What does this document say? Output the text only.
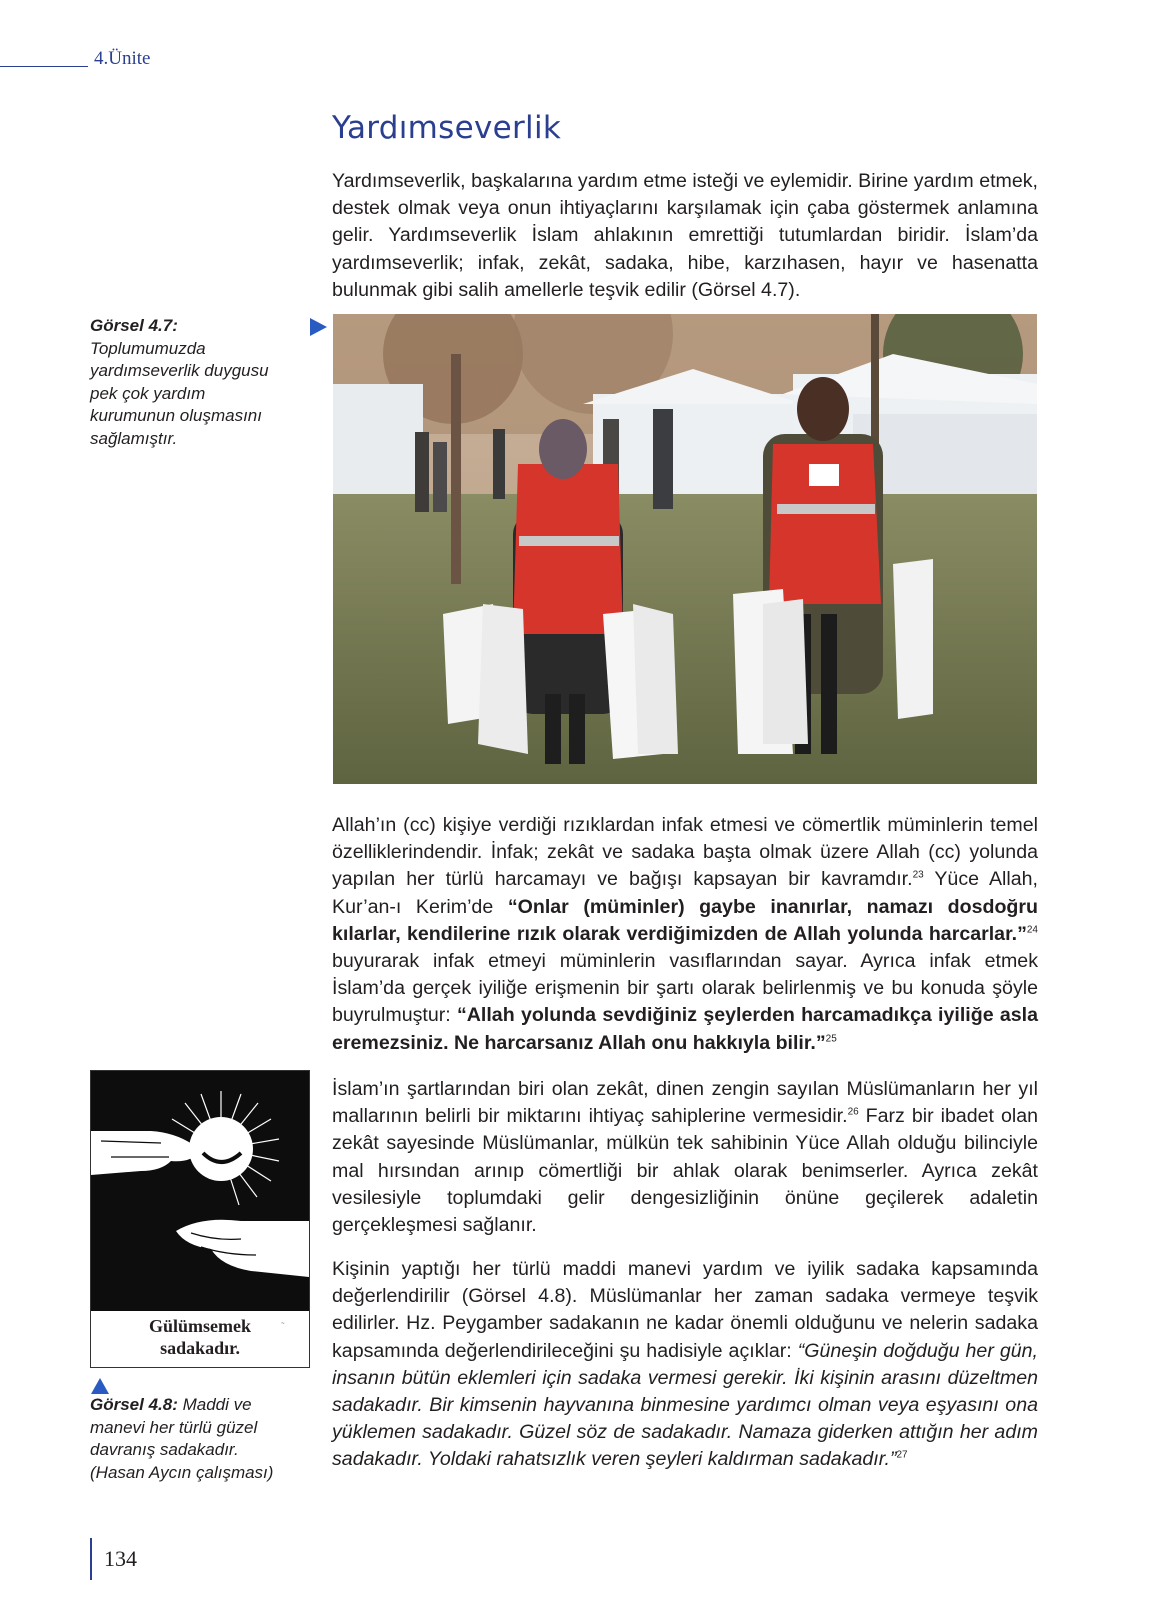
4.Ünite
Yardımseverlik

Yardımseverlik, başkalarına yardım etme isteği ve eylemidir. Birine yardım etmek, destek olmak veya onun ihtiyaçlarını karşılamak için çaba göstermek anlamına gelir. Yardımseverlik İslam ahlakının emrettiği tutumlardan biridir. İslam’da yardımseverlik; infak, zekât, sadaka, hibe, karzıhasen, hayır ve hasenatta bulunmak gibi salih amellerle teşvik edilir (Görsel 4.7).

Görsel 4.7:
Toplumumuzda yardımseverlik duygusu pek çok yardım kurumunun oluşmasını sağlamıştır.

Allah’ın (cc) kişiye verdiği rızıklardan infak etmesi ve cömertlik müminlerin temel özelliklerindendir. İnfak; zekât ve sadaka başta olmak üzere Allah (cc) yolunda yapılan her türlü harcamayı ve bağışı kapsayan bir kavramdır.$^{23}$ Yüce Allah, Kur’an-ı Kerim’de “Onlar (müminler) gaybe inanırlar, namazı dosdoğru kılarlar, kendilerine rızık olarak verdiğimizden de Allah yolunda harcarlar.”$^{24}$ buyurarak infak etmeyi müminlerin vasıflarından sayar. Ayrıca infak etmek İslam’da gerçek iyiliğe erişmenin bir şartı olarak belirlenmiş ve bu konuda şöyle buyrulmuştur: “Allah yolunda sevdiğiniz şeylerden harcamadıkça iyiliğe asla eremezsiniz. Ne harcarsanız Allah onu hakkıyla bilir.”$^{25}$

Gülümsemek
sadakadır.
~
Görsel 4.8: Maddi ve manevi her türlü güzel davranış sadakadır. (Hasan Aycın çalışması)

İslam’ın şartlarından biri olan zekât, dinen zengin sayılan Müslümanların her yıl mallarının belirli bir miktarını ihtiyaç sahiplerine vermesidir.$^{26}$ Farz bir ibadet olan zekât sayesinde Müslümanlar, mülkün tek sahibinin Yüce Allah olduğu bilinciyle mal hırsından arınıp cömertliği bir ahlak olarak benimserler. Ayrıca zekât vesilesiyle toplumdaki gelir dengesizliğinin önüne geçilerek adaletin gerçekleşmesi sağlanır.

Kişinin yaptığı her türlü maddi manevi yardım ve iyilik sadaka kapsamında değerlendirilir (Görsel 4.8). Müslümanlar her zaman sadaka vermeye teşvik edilirler. Hz. Peygamber sadakanın ne kadar önemli olduğunu ve nelerin sadaka kapsamında değerlendirileceğini şu hadisiyle açıklar: “Güneşin doğduğu her gün, insanın bütün eklemleri için sadaka vermesi gerekir. İki kişinin arasını düzeltmen sadakadır. Bir kimsenin hayvanına binmesine yardımcı olman veya eşyasını ona yüklemen sadakadır. Güzel söz de sadakadır. Namaza giderken attığın her adım sadakadır. Yoldaki rahatsızlık veren şeyleri kaldırman sadakadır.”$^{27}$

134
